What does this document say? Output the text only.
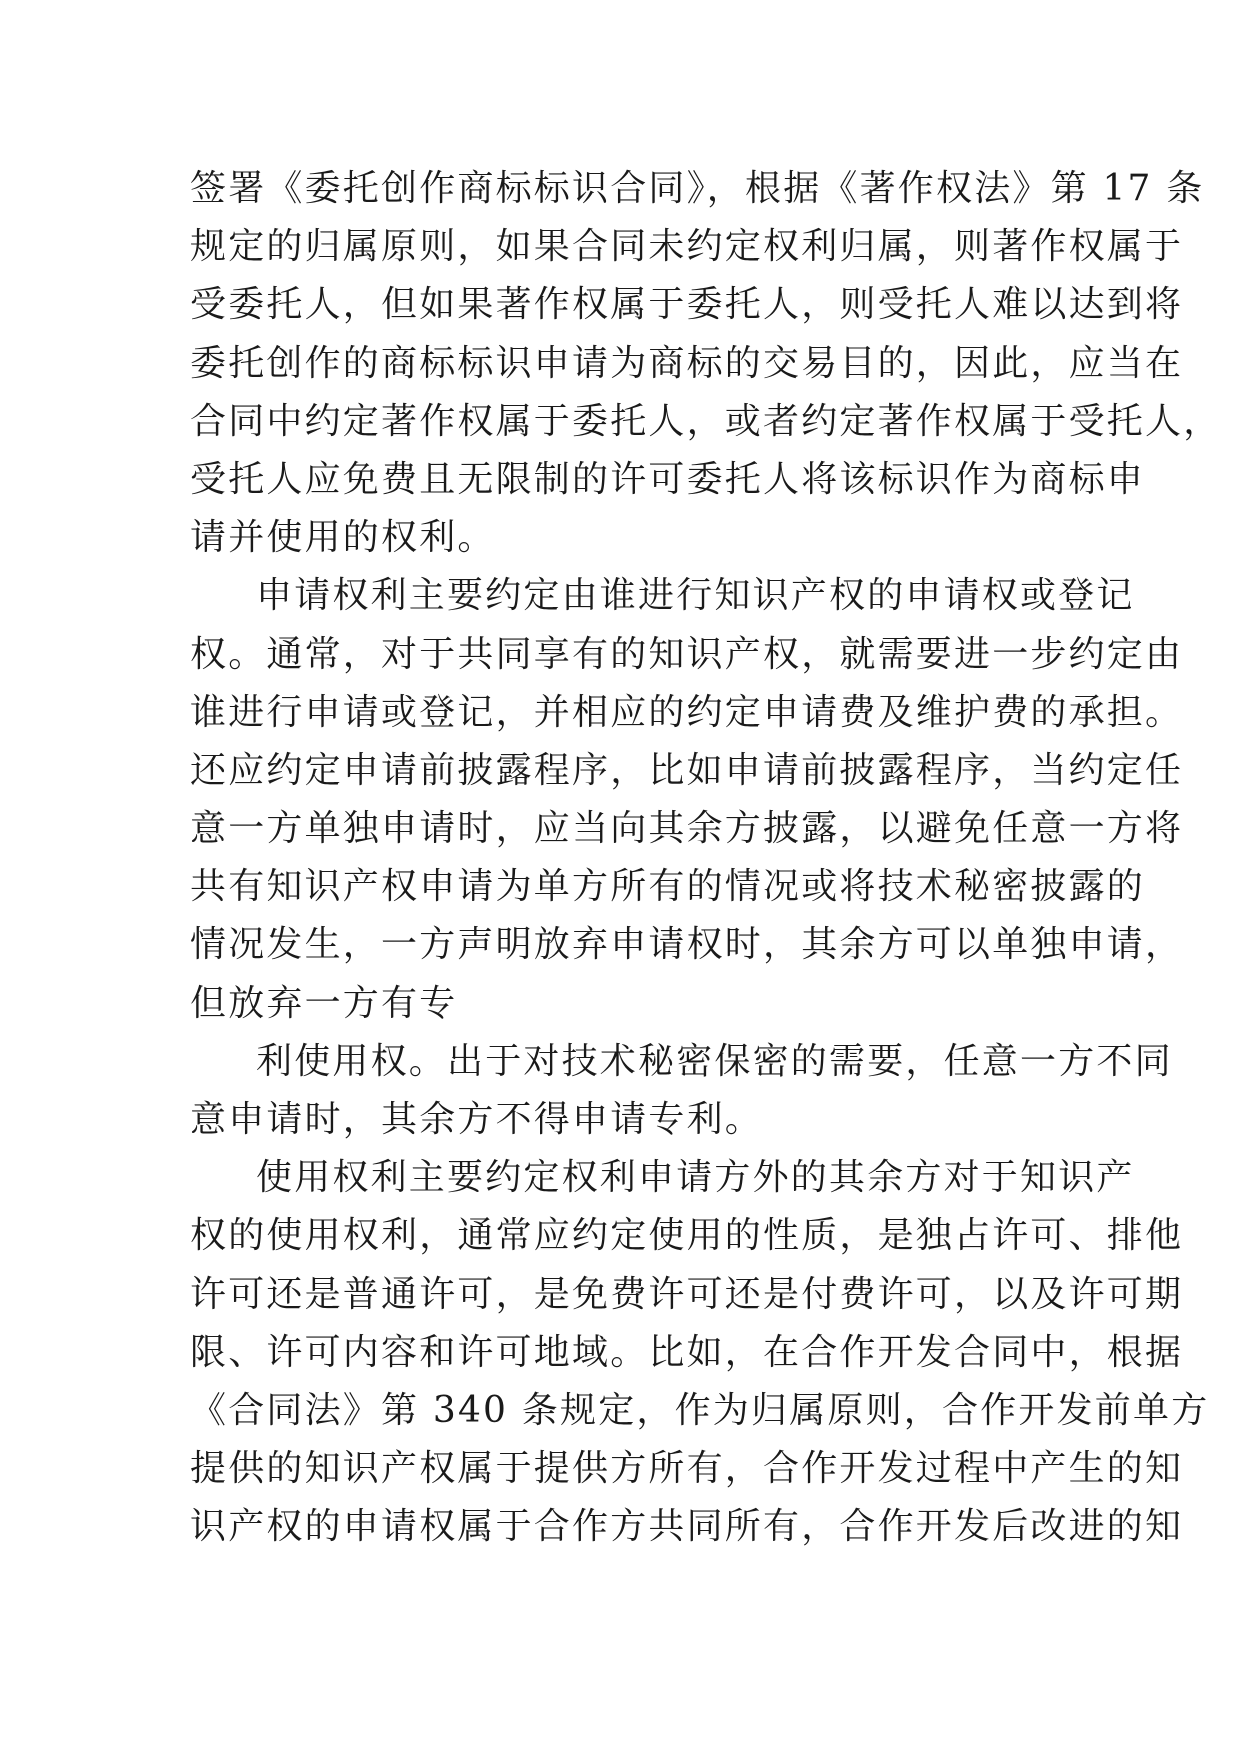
签署《委托创作商标标识合同》，根据《著作权法》第 17 条
规定的归属原则，如果合同未约定权利归属，则著作权属于
受委托人，但如果著作权属于委托人，则受托人难以达到将
委托创作的商标标识申请为商标的交易目的，因此，应当在
合同中约定著作权属于委托人，或者约定著作权属于受托人，
受托人应免费且无限制的许可委托人将该标识作为商标申
请并使用的权利。
申请权利主要约定由谁进行知识产权的申请权或登记
权。通常，对于共同享有的知识产权，就需要进一步约定由
谁进行申请或登记，并相应的约定申请费及维护费的承担。
还应约定申请前披露程序，比如申请前披露程序，当约定任
意一方单独申请时，应当向其余方披露，以避免任意一方将
共有知识产权申请为单方所有的情况或将技术秘密披露的
情况发生，一方声明放弃申请权时，其余方可以单独申请，
但放弃一方有专
利使用权。出于对技术秘密保密的需要，任意一方不同
意申请时，其余方不得申请专利。
使用权利主要约定权利申请方外的其余方对于知识产
权的使用权利，通常应约定使用的性质，是独占许可、排他
许可还是普通许可，是免费许可还是付费许可，以及许可期
限、许可内容和许可地域。比如，在合作开发合同中，根据
《合同法》第 340 条规定，作为归属原则，合作开发前单方
提供的知识产权属于提供方所有，合作开发过程中产生的知
识产权的申请权属于合作方共同所有，合作开发后改进的知
